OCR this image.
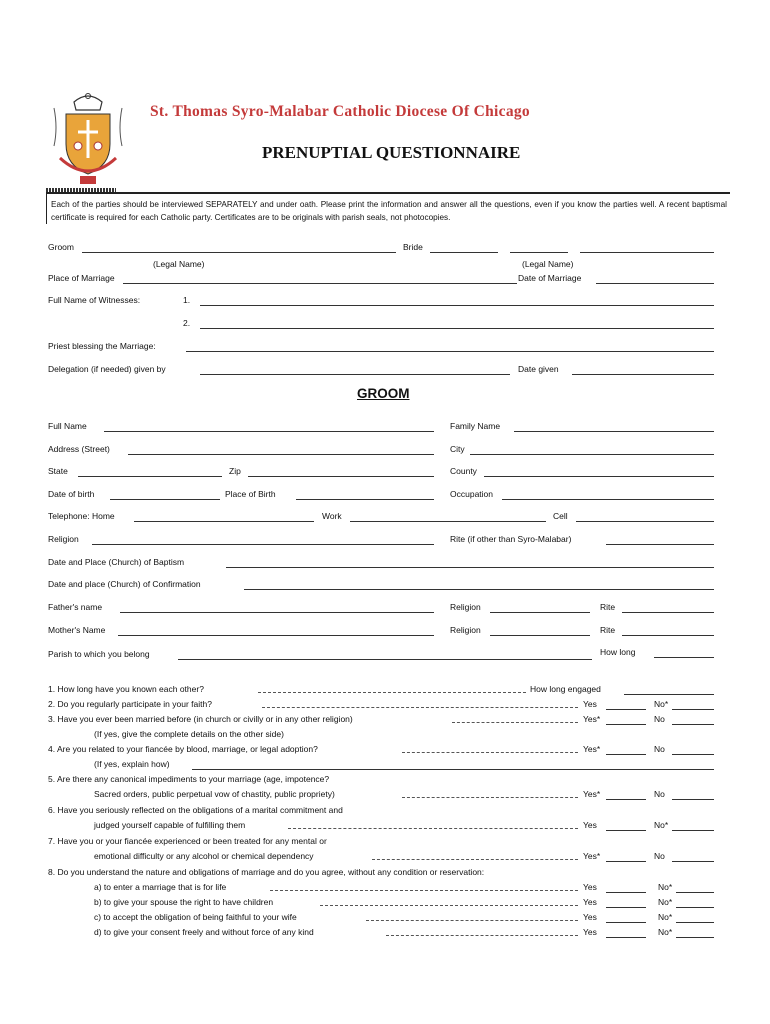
St. Thomas Syro-Malabar Catholic Diocese Of Chicago
PRENUPTIAL QUESTIONNAIRE
Each of the parties should be interviewed SEPARATELY and under oath. Please print the information and answer all the questions, even if you know the parties well. A recent baptismal certificate is required for each Catholic party. Certificates are to be originals with parish seals, not photocopies.
Groom	Bride
(Legal Name)	(Legal Name)
Place of Marriage	Date of Marriage
Full Name of Witnesses:	1.
2.
Priest blessing the Marriage:
Delegation (if needed) given by	Date given
GROOM
Full Name	Family Name
Address (Street)	City
State	Zip	County
Date of birth	Place of Birth	Occupation
Telephone: Home	Work	Cell
Religion	Rite (if other than Syro-Malabar)
Date and Place (Church) of Baptism
Date and place (Church) of Confirmation
Father's name	Religion	Rite
Mother's Name	Religion	Rite
Parish to which you belong	How long
1. How long have you known each other?	How long engaged
2. Do you regularly participate in your faith?	Yes	No*
3. Have you ever been married before (in church or civilly or in any other religion)	Yes*	No
(If yes, give the complete details on the other side)
4. Are you related to your fiancée by blood, marriage, or legal adoption?	Yes*	No
(If yes, explain how)
5. Are there any canonical impediments to your marriage (age, impotence?
Sacred orders, public perpetual vow of chastity, public propriety)	Yes*	No
6. Have you seriously reflected on the obligations of a marital commitment and
judged yourself capable of fulfilling them	Yes	No*
7. Have you or your fiancée experienced or been treated for any mental or
emotional difficulty or any alcohol or chemical dependency	Yes*	No
8. Do you understand the nature and obligations of marriage and do you agree, without any condition or reservation:
a) to enter a marriage that is for life	Yes	No*
b) to give your spouse the right to have children	Yes	No*
c) to accept the obligation of being faithful to your wife	Yes	No*
d) to give your consent freely and without force of any kind	Yes	No*
